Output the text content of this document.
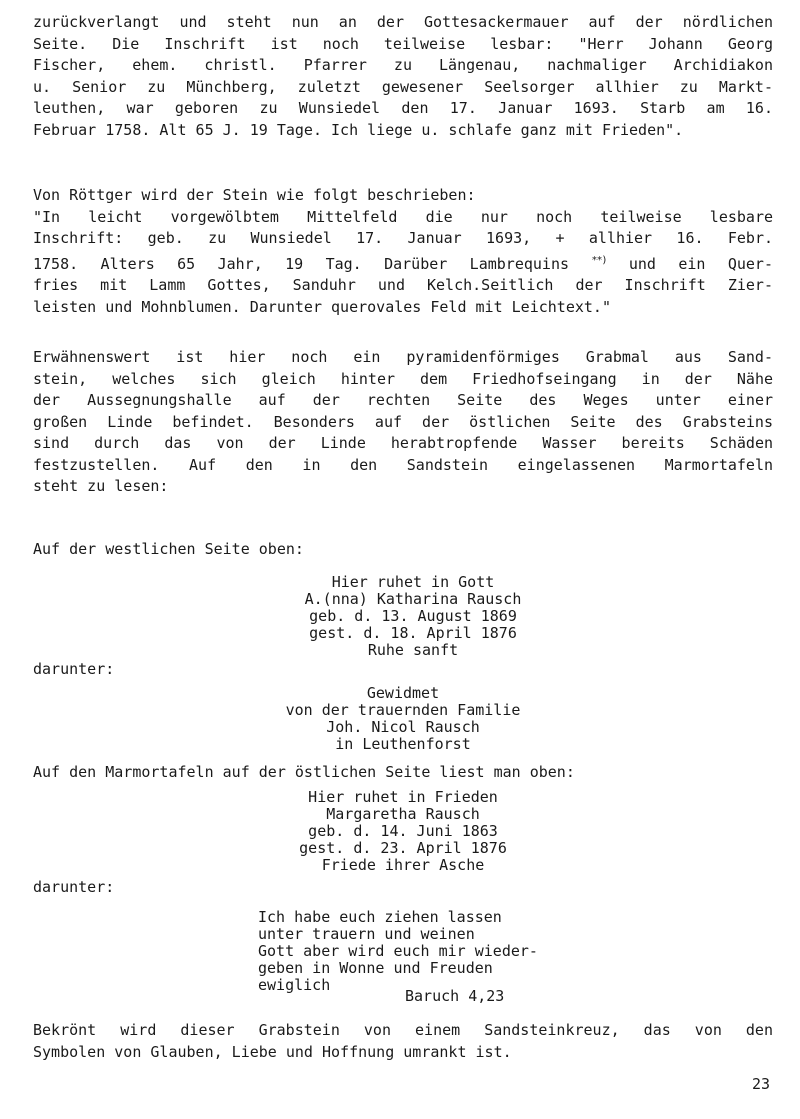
zurückverlangt und steht nun an der Gottesackermauer auf der nördlichen
Seite. Die Inschrift ist noch teilweise lesbar: "Herr Johann Georg
Fischer, ehem. christl. Pfarrer zu Längenau, nachmaliger Archidiakon
u. Senior zu Münchberg, zuletzt gewesener Seelsorger allhier zu Markt-
leuthen, war geboren zu Wunsiedel den 17. Januar 1693. Starb am 16.
Februar 1758. Alt 65 J. 19 Tage. Ich liege u. schlafe ganz mit Frieden".

Von Röttger wird der Stein wie folgt beschrieben:
"In leicht vorgewölbtem Mittelfeld die nur noch teilweise lesbare
Inschrift: geb. zu Wunsiedel 17. Januar 1693, + allhier 16. Febr.
1758. Alters 65 Jahr, 19 Tag. Darüber Lambrequins **) und ein Quer-
fries mit Lamm Gottes, Sanduhr und Kelch.Seitlich der Inschrift Zier-
leisten und Mohnblumen. Darunter querovales Feld mit Leichtext."

Erwähnenswert ist hier noch ein pyramidenförmiges Grabmal aus Sand-
stein, welches sich gleich hinter dem Friedhofseingang in der Nähe
der Aussegnungshalle auf der rechten Seite des Weges unter einer
großen Linde befindet. Besonders auf der östlichen Seite des Grabsteins
sind durch das von der Linde herabtropfende Wasser bereits Schäden
festzustellen. Auf den in den Sandstein eingelassenen Marmortafeln
steht zu lesen:

Auf der westlichen Seite oben:

Hier ruhet in Gott
A.(nna) Katharina Rausch
geb. d. 13. August 1869
gest. d. 18. April 1876
Ruhe sanft

darunter:

Gewidmet
von der trauernden Familie
Joh. Nicol Rausch
in Leuthenforst

Auf den Marmortafeln auf der östlichen Seite liest man oben:

Hier ruhet in Frieden
Margaretha Rausch
geb. d. 14. Juni 1863
gest. d. 23. April 1876
Friede ihrer Asche

darunter:

Ich habe euch ziehen lassen
unter trauern und weinen
Gott aber wird euch mir wieder-
geben in Wonne und Freuden
ewiglich
Baruch 4,23

Bekrönt wird dieser Grabstein von einem Sandsteinkreuz, das von den
Symbolen von Glauben, Liebe und Hoffnung umrankt ist.

23
